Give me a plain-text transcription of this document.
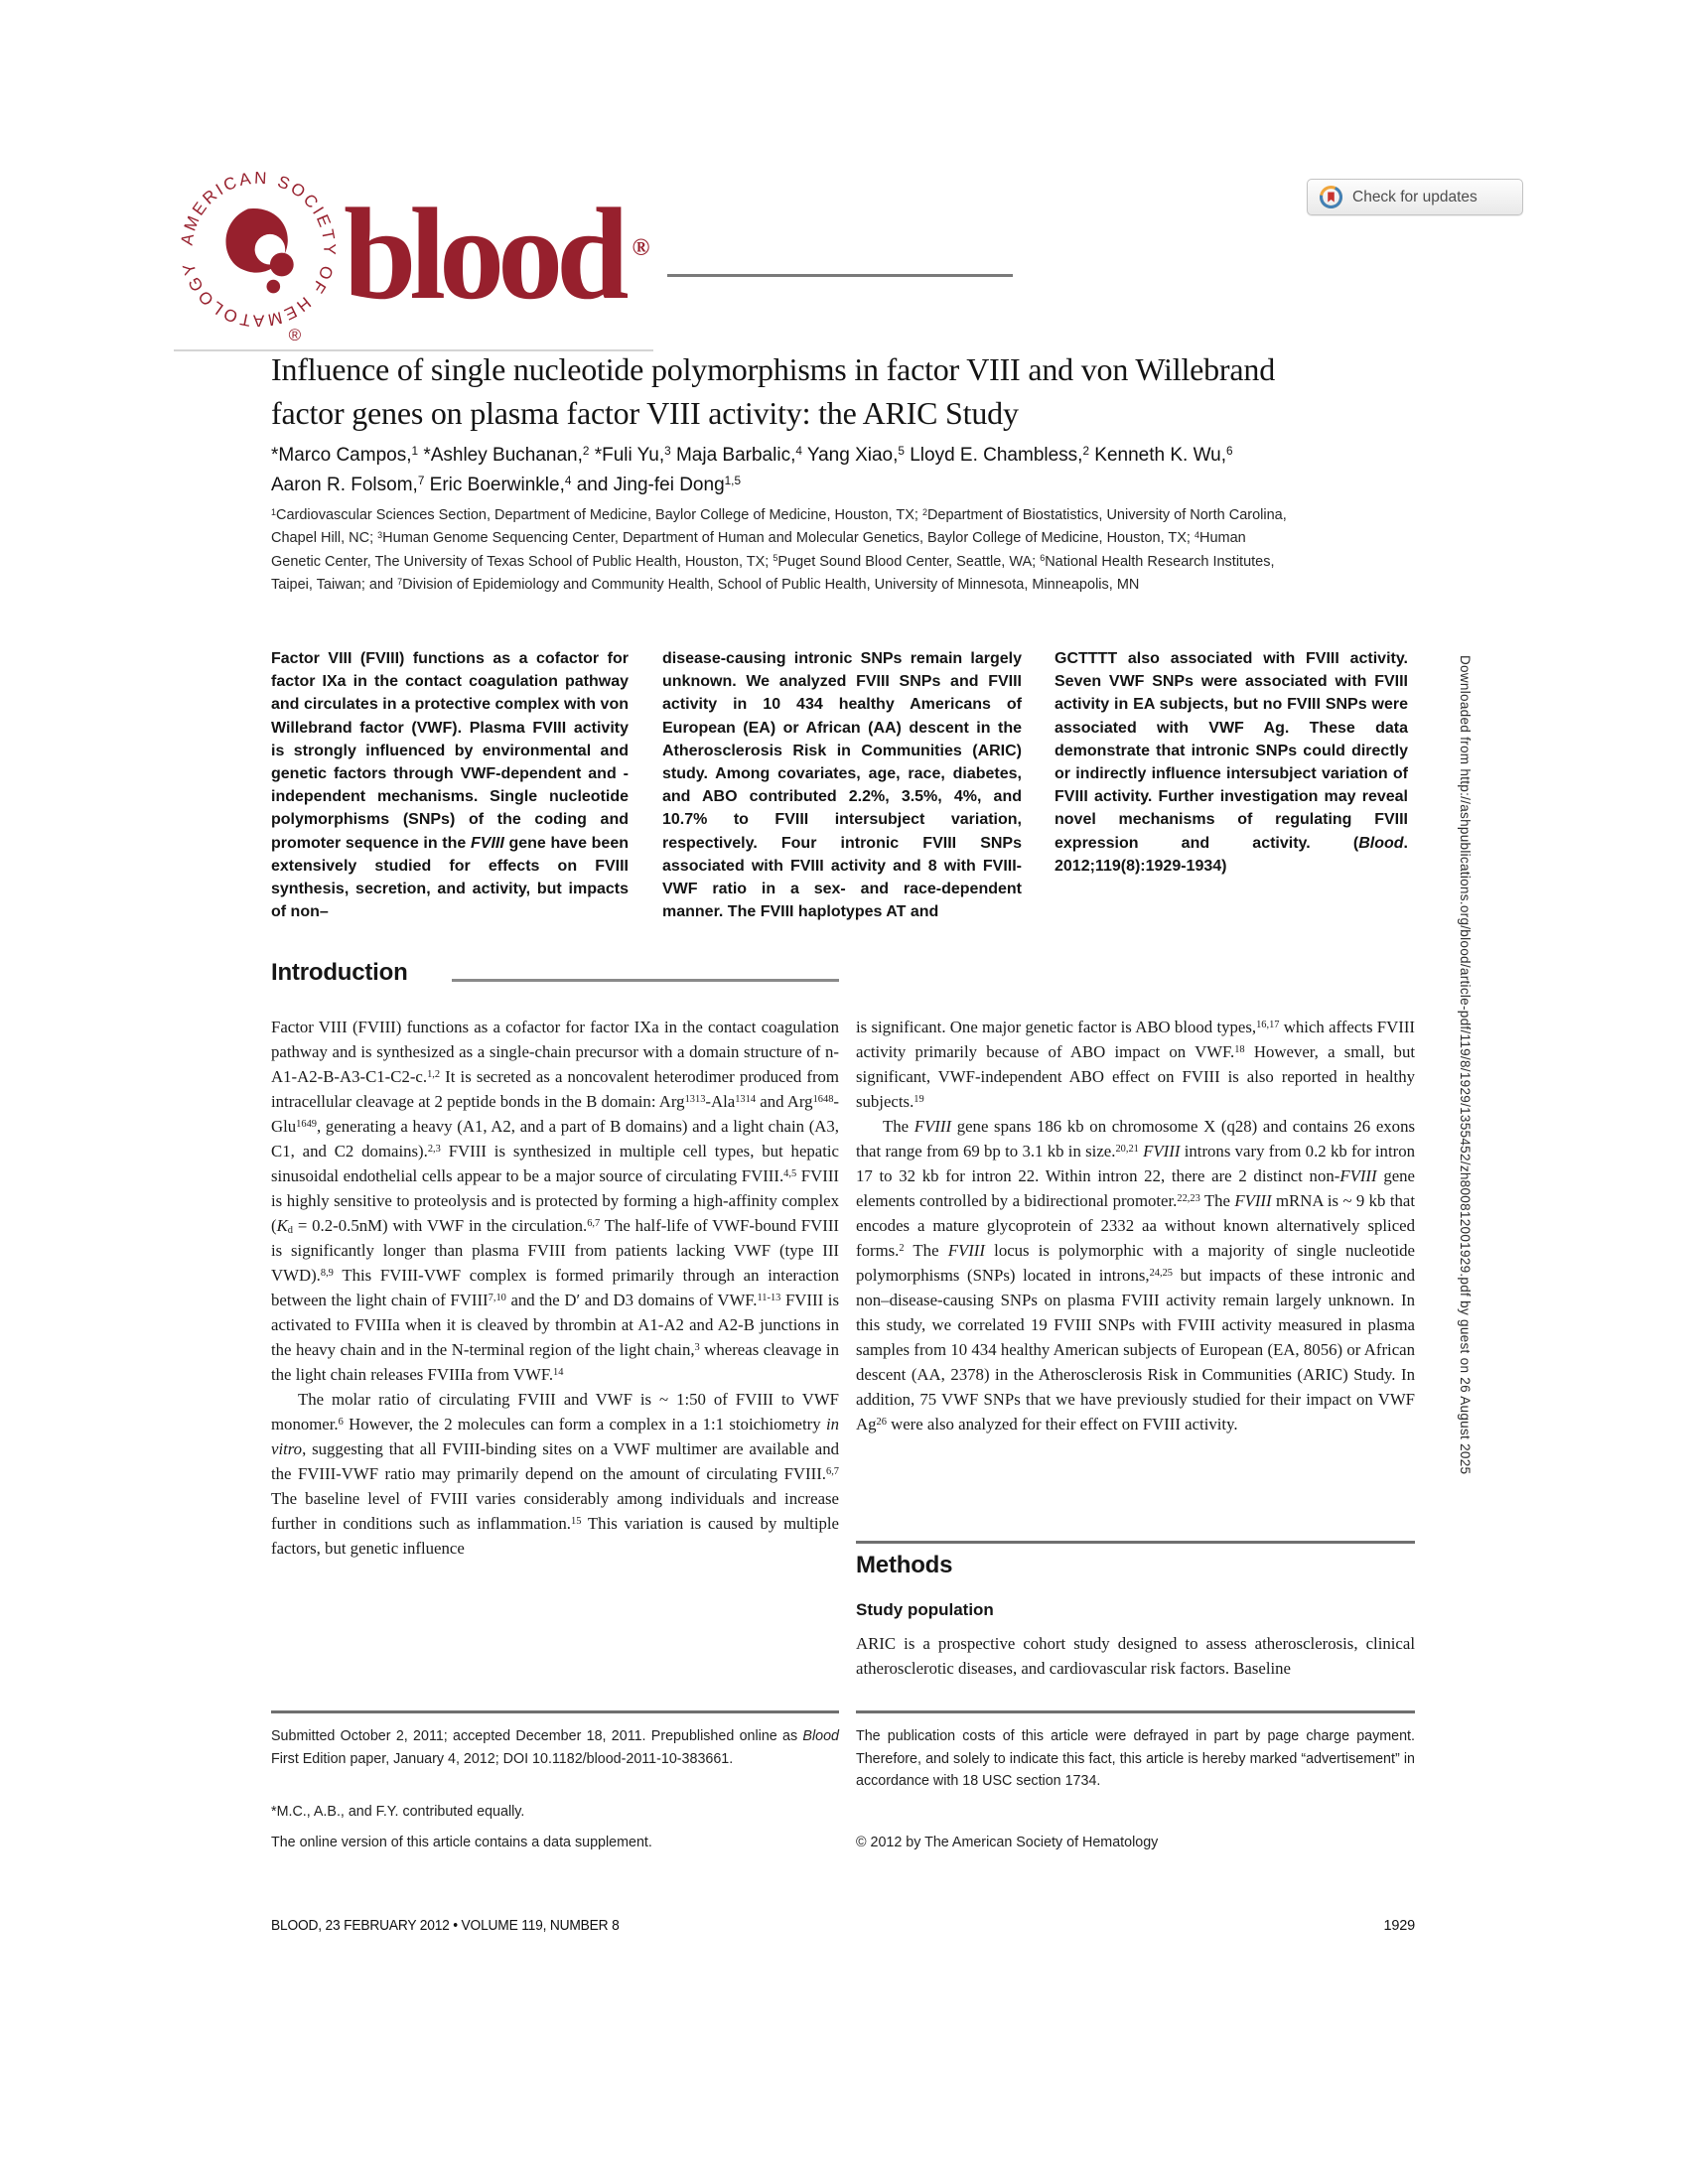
AMERICAN SOCIETY OF HEMATOLOGY
®
blood ®
Check for updates
Influence of single nucleotide polymorphisms in factor VIII and von Willebrand
factor genes on plasma factor VIII activity: the ARIC Study
*Marco Campos,$^1$ *Ashley Buchanan,$^2$ *Fuli Yu,$^3$ Maja Barbalic,$^4$ Yang Xiao,$^5$ Lloyd E. Chambless,$^2$ Kenneth K. Wu,$^6$
Aaron R. Folsom,$^7$ Eric Boerwinkle,$^4$ and Jing-fei Dong$^{1,5}$
$^1$Cardiovascular Sciences Section, Department of Medicine, Baylor College of Medicine, Houston, TX; $^2$Department of Biostatistics, University of North Carolina,
Chapel Hill, NC; $^3$Human Genome Sequencing Center, Department of Human and Molecular Genetics, Baylor College of Medicine, Houston, TX; $^4$Human
Genetic Center, The University of Texas School of Public Health, Houston, TX; $^5$Puget Sound Blood Center, Seattle, WA; $^6$National Health Research Institutes,
Taipei, Taiwan; and $^7$Division of Epidemiology and Community Health, School of Public Health, University of Minnesota, Minneapolis, MN
Factor VIII (FVIII) functions as a cofactor for factor IXa in the contact coagulation pathway and circulates in a protective complex with von Willebrand factor (VWF). Plasma FVIII activity is strongly influenced by environmental and genetic factors through VWF-dependent and -independent mechanisms. Single nucleotide polymorphisms (SNPs) of the coding and promoter sequence in the FVIII gene have been extensively studied for effects on FVIII synthesis, secretion, and activity, but impacts of non–
disease-causing intronic SNPs remain largely unknown. We analyzed FVIII SNPs and FVIII activity in 10 434 healthy Americans of European (EA) or African (AA) descent in the Atherosclerosis Risk in Communities (ARIC) study. Among covariates, age, race, diabetes, and ABO contributed 2.2%, 3.5%, 4%, and 10.7% to FVIII intersubject variation, respectively. Four intronic FVIII SNPs associated with FVIII activity and 8 with FVIII-VWF ratio in a sex- and race-dependent manner. The FVIII haplotypes AT and
GCTTTT also associated with FVIII activity. Seven VWF SNPs were associated with FVIII activity in EA subjects, but no FVIII SNPs were associated with VWF Ag. These data demonstrate that intronic SNPs could directly or indirectly influence intersubject variation of FVIII activity. Further investigation may reveal novel mechanisms of regulating FVIII expression and activity. (Blood. 2012;119(8):1929-1934)
Introduction

Factor VIII (FVIII) functions as a cofactor for factor IXa in the contact coagulation pathway and is synthesized as a single-chain precursor with a domain structure of n-A1-A2-B-A3-C1-C2-c.$^{1,2}$ It is secreted as a noncovalent heterodimer produced from intracellular cleavage at 2 peptide bonds in the B domain: Arg$^{1313}$-Ala$^{1314}$ and Arg$^{1648}$-Glu$^{1649}$, generating a heavy (A1, A2, and a part of B domains) and a light chain (A3, C1, and C2 domains).$^{2,3}$ FVIII is synthesized in multiple cell types, but hepatic sinusoidal endothelial cells appear to be a major source of circulating FVIII.$^{4,5}$ FVIII is highly sensitive to proteolysis and is protected by forming a high-affinity complex $(K_d = 0.2-0.5nM)$ with VWF in the circulation.$^{6,7}$ The half-life of VWF-bound FVIII is significantly longer than plasma FVIII from patients lacking VWF (type III VWD).$^{8,9}$ This FVIII-VWF complex is formed primarily through an interaction between the light chain of FVIII$^{7,10}$ and the D′ and D3 domains of VWF.$^{11-13}$ FVIII is activated to FVIIIa when it is cleaved by thrombin at A1-A2 and A2-B junctions in the heavy chain and in the N-terminal region of the light chain,$^3$ whereas cleavage in the light chain releases FVIIIa from VWF.$^{14}$

The molar ratio of circulating FVIII and VWF is ~ 1:50 of FVIII to VWF monomer.$^6$ However, the 2 molecules can form a complex in a 1:1 stoichiometry in vitro, suggesting that all FVIII-binding sites on a VWF multimer are available and the FVIII-VWF ratio may primarily depend on the amount of circulating FVIII.$^{6,7}$ The baseline level of FVIII varies considerably among individuals and increase further in conditions such as inflammation.$^{15}$ This variation is caused by multiple factors, but genetic influence

is significant. One major genetic factor is ABO blood types,$^{16,17}$ which affects FVIII activity primarily because of ABO impact on VWF.$^{18}$ However, a small, but significant, VWF-independent ABO effect on FVIII is also reported in healthy subjects.$^{19}$

The FVIII gene spans 186 kb on chromosome X (q28) and contains 26 exons that range from 69 bp to 3.1 kb in size.$^{20,21}$ FVIII introns vary from 0.2 kb for intron 17 to 32 kb for intron 22. Within intron 22, there are 2 distinct non-FVIII gene elements controlled by a bidirectional promoter.$^{22,23}$ The FVIII mRNA is ~ 9 kb that encodes a mature glycoprotein of 2332 aa without known alternatively spliced forms.$^2$ The FVIII locus is polymorphic with a majority of single nucleotide polymorphisms (SNPs) located in introns,$^{24,25}$ but impacts of these intronic and non–disease-causing SNPs on plasma FVIII activity remain largely unknown. In this study, we correlated 19 FVIII SNPs with FVIII activity measured in plasma samples from 10 434 healthy American subjects of European (EA, 8056) or African descent (AA, 2378) in the Atherosclerosis Risk in Communities (ARIC) Study. In addition, 75 VWF SNPs that we have previously studied for their impact on VWF Ag$^{26}$ were also analyzed for their effect on FVIII activity.

Methods
Study population
ARIC is a prospective cohort study designed to assess atherosclerosis, clinical atherosclerotic diseases, and cardiovascular risk factors. Baseline
Submitted October 2, 2011; accepted December 18, 2011. Prepublished online as Blood First Edition paper, January 4, 2012; DOI 10.1182/blood-2011-10-383661.
*M.C., A.B., and F.Y. contributed equally.
The online version of this article contains a data supplement.
The publication costs of this article were defrayed in part by page charge payment. Therefore, and solely to indicate this fact, this article is hereby marked “advertisement” in accordance with 18 USC section 1734.
© 2012 by The American Society of Hematology
BLOOD, 23 FEBRUARY 2012 • VOLUME 119, NUMBER 8	1929
Downloaded from http://ashpublications.org/blood/article-pdf/119/8/1929/1355452/zh800812001929.pdf by guest on 26 August 2025
